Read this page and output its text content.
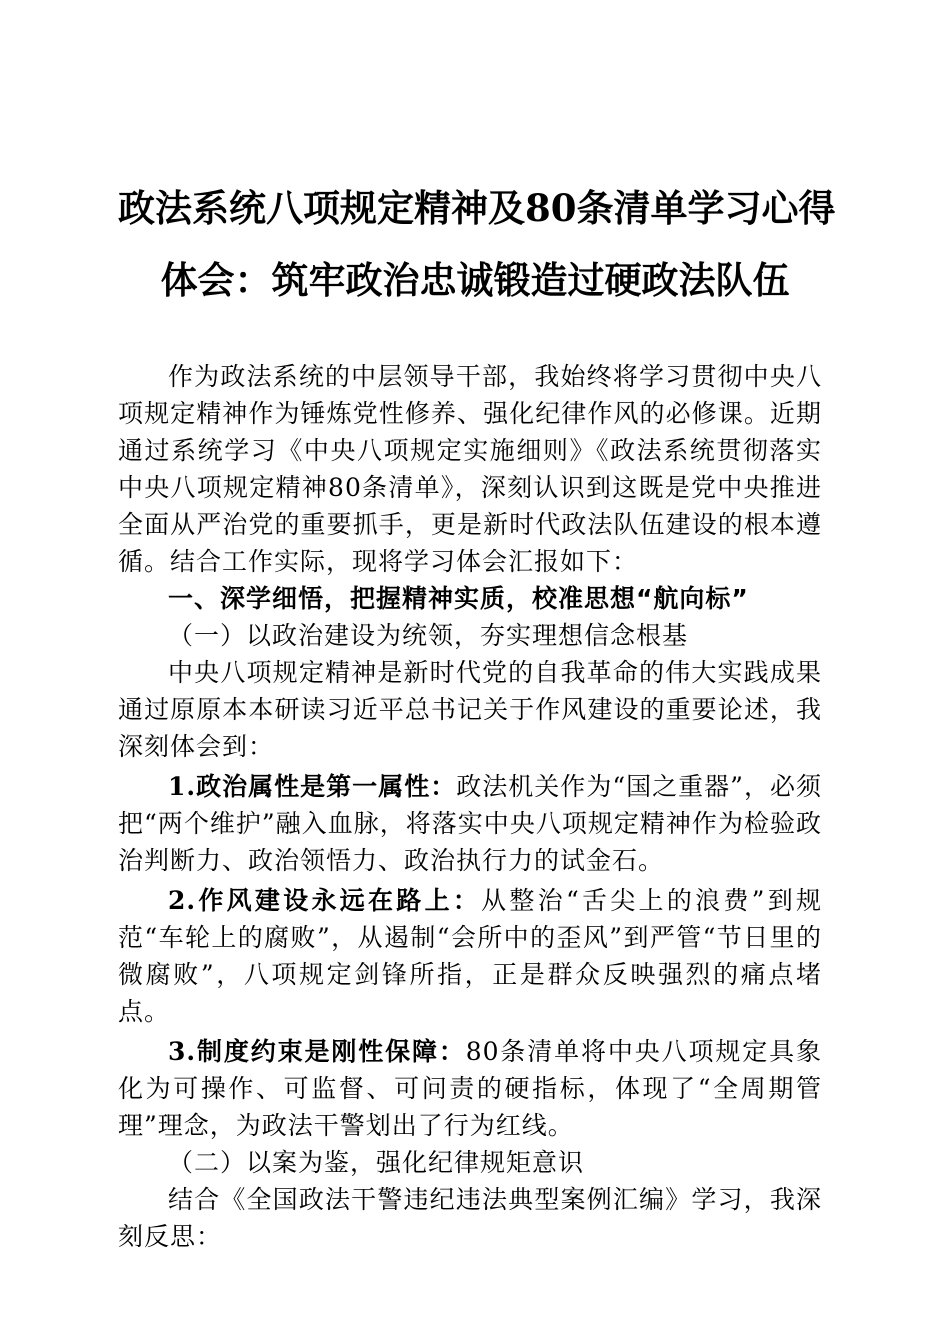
政法系统八项规定精神及80条清单学习心得
体会：筑牢政治忠诚锻造过硬政法队伍

作为政法系统的中层领导干部，我始终将学习贯彻中央八项规定精神作为锤炼党性修养、强化纪律作风的必修课。近期通过系统学习《中央八项规定实施细则》《政法系统贯彻落实中央八项规定精神80条清单》，深刻认识到这既是党中央推进全面从严治党的重要抓手，更是新时代政法队伍建设的根本遵循。结合工作实际，现将学习体会汇报如下：

一、深学细悟，把握精神实质，校准思想“航向标”

（一）以政治建设为统领，夯实理想信念根基

中央八项规定精神是新时代党的自我革命的伟大实践成果通过原原本本研读习近平总书记关于作风建设的重要论述，我深刻体会到：

1.政治属性是第一属性：政法机关作为“国之重器”，必须把“两个维护”融入血脉，将落实中央八项规定精神作为检验政治判断力、政治领悟力、政治执行力的试金石。

2.作风建设永远在路上：从整治“舌尖上的浪费”到规范“车轮上的腐败”，从遏制“会所中的歪风”到严管“节日里的微腐败”，八项规定剑锋所指，正是群众反映强烈的痛点堵点。

3.制度约束是刚性保障：80条清单将中央八项规定具象化为可操作、可监督、可问责的硬指标，体现了“全周期管理”理念，为政法干警划出了行为红线。

（二）以案为鉴，强化纪律规矩意识

结合《全国政法干警违纪违法典型案例汇编》学习，我深刻反思：
